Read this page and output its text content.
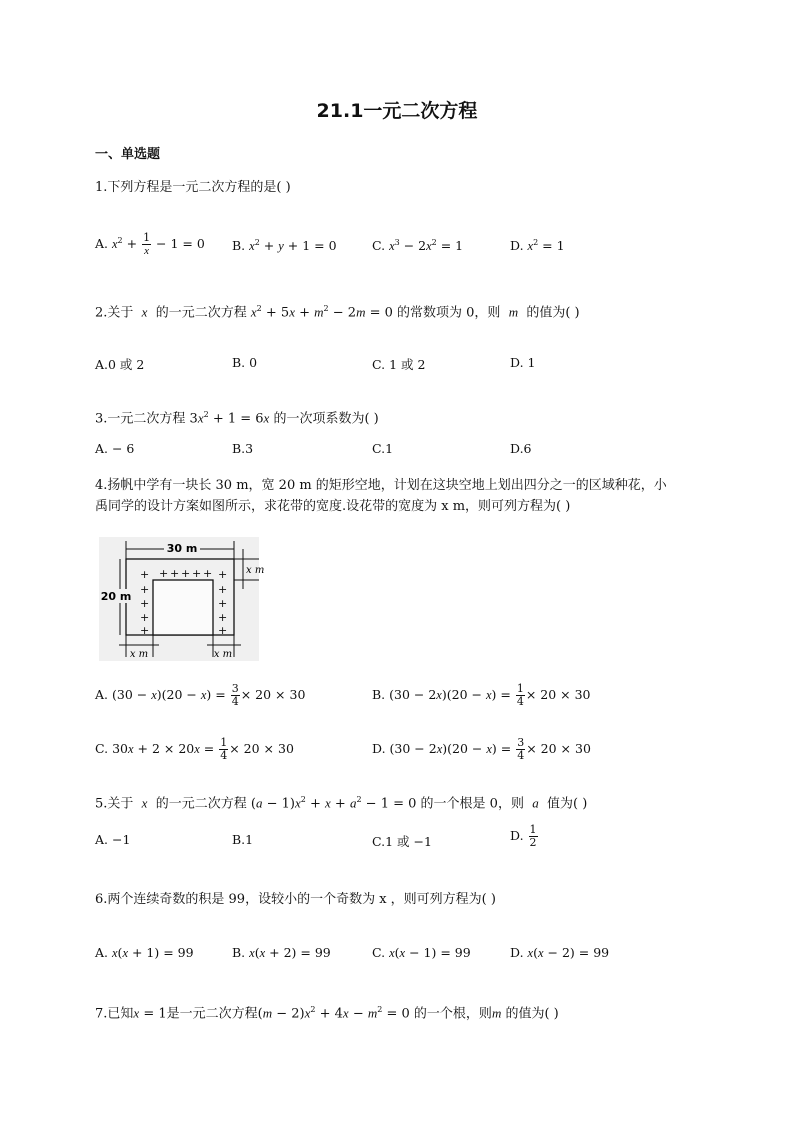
21.1一元二次方程
一、单选题
1.下列方程是一元二次方程的是( )
A. $x^2 + \frac{1}{x} - 1 = 0$ B. $x^2 + y + 1 = 0$	C. $x^3 - 2x^2 = 1$	D. $x^2 = 1$
2.关于 x 的一元二次方程 $x^2 + 5x + m^2 - 2m = 0$ 的常数项为 0，则 m 的值为( )
A.0 或 2	B. 0	C. 1 或 2	D. 1
3.一元二次方程 $3x^2 + 1 = 6x$ 的一次项系数为( )
A. − 6	B.3	C.1	D.6
4.扬帆中学有一块长 30 m，宽 20 m 的矩形空地，计划在这块空地上划出四分之一的区域种花，小
禹同学的设计方案如图所示，求花带的宽度.设花带的宽度为 x m，则可列方程为( )
+
+
+
+
+
+ + + + + +
+
+
+
+
30 m
20 m
x m
x m	x m
A. $(30 - x)(20 - x) = \frac{3}{4} \times 20 \times 30$	B. $(30 - 2x)(20 - x) = \frac{1}{4} \times 20 \times 30$
C. $30x + 2 \times 20x = \frac{1}{4} \times 20 \times 30$	D. $(30 - 2x)(20 - x) = \frac{3}{4} \times 20 \times 30$
5.关于 x 的一元二次方程 $(a - 1)x^2 + x + a^2 - 1 = 0$ 的一个根是 0，则 a 值为( )
A. −1	B.1	C.1 或 −1	D. $\frac{1}{2}$
6.两个连续奇数的积是 99，设较小的一个奇数为 x ，则可列方程为( )
A. x(x + 1) = 99	B. x(x + 2) = 99	C. x(x − 1) = 99	D. x(x − 2) = 99
7.已知x = 1是一元二次方程$(m - 2)x^2 + 4x - m^2 = 0$ 的一个根，则m 的值为( )
